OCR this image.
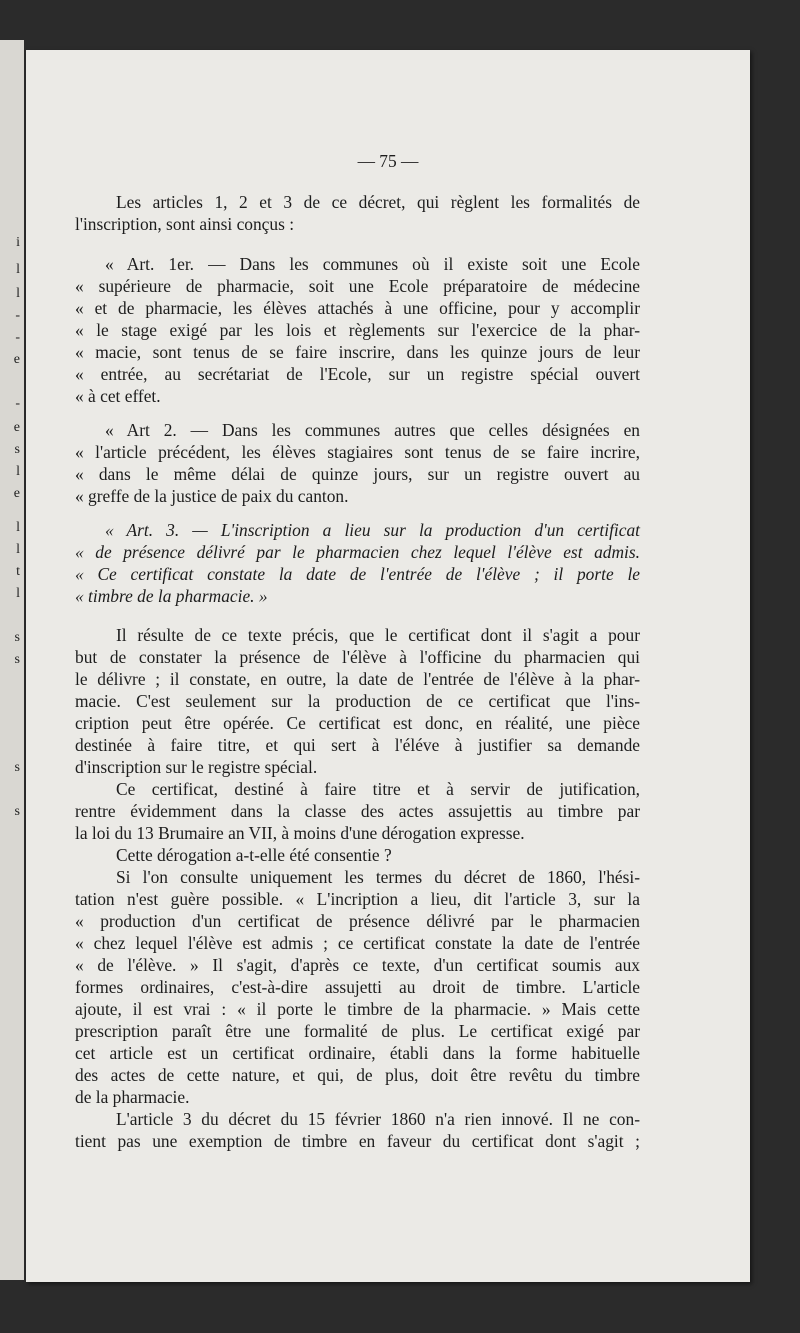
i
l
l
-
-
e
-
e
s
l
e
l
l
t
l
s
s
s
s
— 75 —
Les articles 1, 2 et 3 de ce décret, qui règlent les formalités de
l'inscription, sont ainsi conçus :
« Art. 1er. — Dans les communes où il existe soit une Ecole
« supérieure de pharmacie, soit une Ecole préparatoire de médecine
« et de pharmacie, les élèves attachés à une officine, pour y accomplir
« le stage exigé par les lois et règlements sur l'exercice de la phar-
« macie, sont tenus de se faire inscrire, dans les quinze jours de leur
« entrée, au secrétariat de l'Ecole, sur un registre spécial ouvert
« à cet effet.
« Art 2. — Dans les communes autres que celles désignées en
« l'article précédent, les élèves stagiaires sont tenus de se faire incrire,
« dans le même délai de quinze jours, sur un registre ouvert au
« greffe de la justice de paix du canton.
« Art. 3. — L'inscription a lieu sur la production d'un certificat
« de présence délivré par le pharmacien chez lequel l'élève est admis.
« Ce certificat constate la date de l'entrée de l'élève ; il porte le
« timbre de la pharmacie. »
Il résulte de ce texte précis, que le certificat dont il s'agit a pour
but de constater la présence de l'élève à l'officine du pharmacien qui
le délivre ; il constate, en outre, la date de l'entrée de l'élève à la phar-
macie. C'est seulement sur la production de ce certificat que l'ins-
cription peut être opérée. Ce certificat est donc, en réalité, une pièce
destinée à faire titre, et qui sert à l'éléve à justifier sa demande
d'inscription sur le registre spécial.
Ce certificat, destiné à faire titre et à servir de jutification,
rentre évidemment dans la classe des actes assujettis au timbre par
la loi du 13 Brumaire an VII, à moins d'une dérogation expresse.
Cette dérogation a-t-elle été consentie ?
Si l'on consulte uniquement les termes du décret de 1860, l'hési-
tation n'est guère possible. « L'incription a lieu, dit l'article 3, sur la
« production d'un certificat de présence délivré par le pharmacien
« chez lequel l'élève est admis ; ce certificat constate la date de l'entrée
« de l'élève. » Il s'agit, d'après ce texte, d'un certificat soumis aux
formes ordinaires, c'est-à-dire assujetti au droit de timbre. L'article
ajoute, il est vrai : « il porte le timbre de la pharmacie. » Mais cette
prescription paraît être une formalité de plus. Le certificat exigé par
cet article est un certificat ordinaire, établi dans la forme habituelle
des actes de cette nature, et qui, de plus, doit être revêtu du timbre
de la pharmacie.
L'article 3 du décret du 15 février 1860 n'a rien innové. Il ne con-
tient pas une exemption de timbre en faveur du certificat dont s'agit ;
